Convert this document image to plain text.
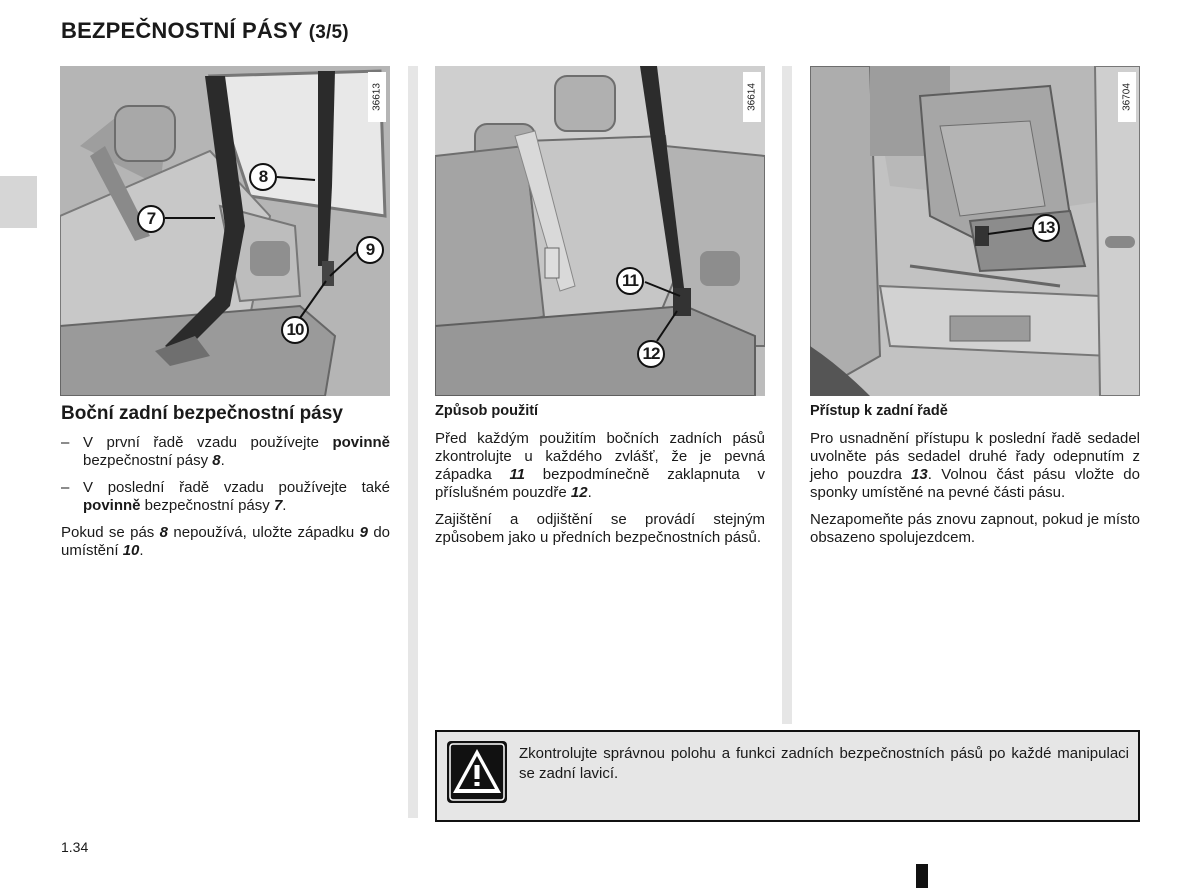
BEZPEČNOSTNÍ PÁSY (3/5)
36613
8
7
9
10
36614
11
12
36704
13
Boční zadní bezpečnostní pásy

– V první řadě vzadu používejte povinně bezpečnostní pásy 8.

– V poslední řadě vzadu používejte také povinně bezpečnostní pásy 7.

Pokud se pás 8 nepoužívá, uložte západku 9 do umístění 10.

Způsob použití

Před každým použitím bočních zadních pásů zkontrolujte u každého zvlášť, že je pevná západka 11 bezpodmínečně zaklapnuta v příslušném pouzdře 12.

Zajištění a odjištění se provádí stejným způsobem jako u předních bezpečnostních pásů.

Přístup k zadní řadě

Pro usnadnění přístupu k poslední řadě sedadel uvolněte pás sedadel druhé řady odepnutím z jeho pouzdra 13. Volnou část pásu vložte do sponky umístěné na pevné části pásu.

Nezapomeňte pás znovu zapnout, pokud je místo obsazeno spolujezdcem.

Zkontrolujte správnou polohu a funkci zadních bezpečnostních pásů po každé manipulaci se zadní lavicí.
1.34
